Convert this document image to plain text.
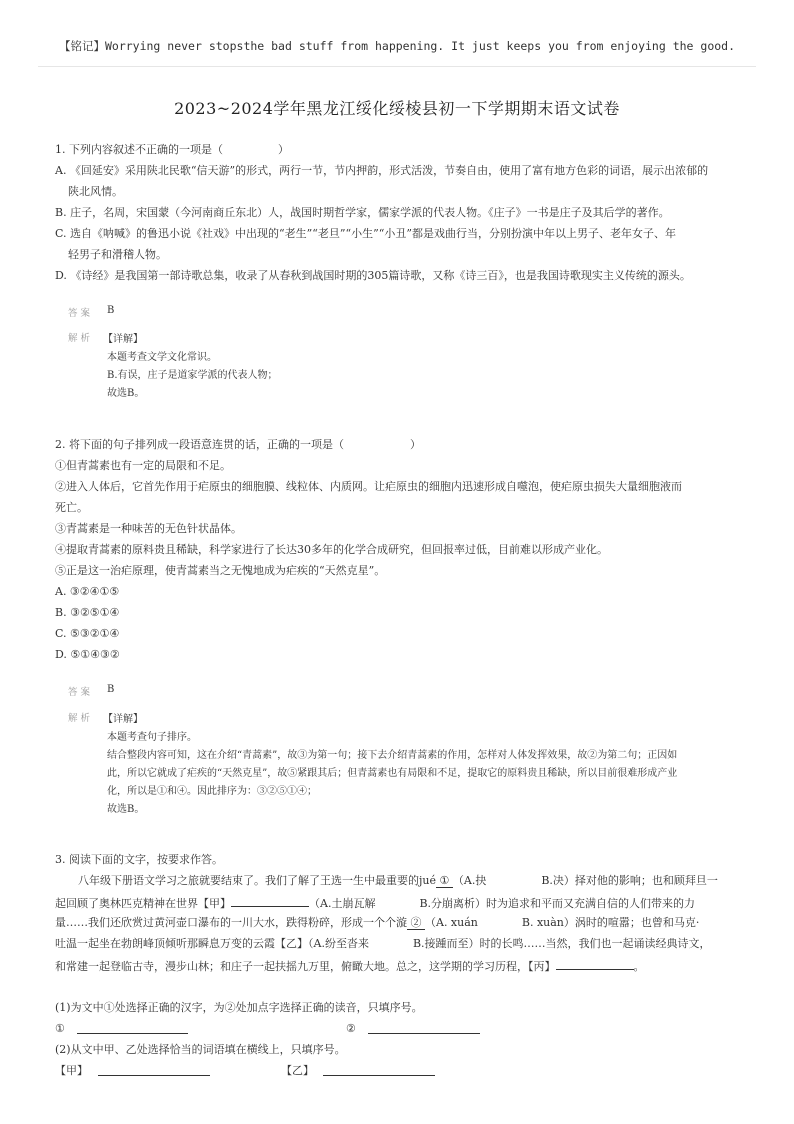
【铭记】Worrying never stopsthe bad stuff from happening. It just keeps you from enjoying the good.
2023~2024学年黑龙江绥化绥棱县初一下学期期末语文试卷
1. 下列内容叙述不正确的一项是（　　　　　）
A. 《回延安》采用陕北民歌“信天游”的形式，两行一节，节内押韵，形式活泼，节奏自由，使用了富有地方色彩的词语，展示出浓郁的
陕北风情。
B. 庄子，名周，宋国蒙（今河南商丘东北）人，战国时期哲学家，儒家学派的代表人物。《庄子》一书是庄子及其后学的著作。
C. 选自《呐喊》的鲁迅小说《社戏》中出现的“老生”“老旦”“小生”“小丑”都是戏曲行当，分别扮演中年以上男子、老年女子、年
轻男子和滑稽人物。
D. 《诗经》是我国第一部诗歌总集，收录了从春秋到战国时期的305篇诗歌，又称《诗三百》，也是我国诗歌现实主义传统的源头。
答案 B
解析 【详解】
本题考查文学文化常识。
B.有误，庄子是道家学派的代表人物；
故选B。
2. 将下面的句子排列成一段语意连贯的话，正确的一项是（　　　　　　）
①但青蒿素也有一定的局限和不足。
②进入人体后，它首先作用于疟原虫的细胞膜、线粒体、内质网。让疟原虫的细胞内迅速形成自噬泡，使疟原虫损失大量细胞液而
死亡。
③青蒿素是一种味苦的无色针状晶体。
④提取青蒿素的原料贵且稀缺，科学家进行了长达30多年的化学合成研究，但回报率过低，目前难以形成产业化。
⑤正是这一治疟原理，使青蒿素当之无愧地成为疟疾的“天然克星”。
A. ③②④①⑤
B. ③②⑤①④
C. ⑤③②①④
D. ⑤①④③②
答案 B
解析 【详解】
本题考查句子排序。
结合整段内容可知，这在介绍“青蒿素”，故③为第一句；接下去介绍青蒿素的作用，怎样对人体发挥效果，故②为第二句；正因如
此，所以它就成了疟疾的“天然克星”，故⑤紧跟其后；但青蒿素也有局限和不足，提取它的原料贵且稀缺，所以目前很难形成产业
化，所以是①和④。因此排序为：③②⑤①④；
故选B。
3. 阅读下面的文字，按要求作答。
八年级下册语文学习之旅就要结束了。我们了解了王选一生中最重要的jué ① （A.抉　　　　　B.决）择对他的影响；也和顾拜旦一
起回顾了奥林匹克精神在世界【甲】	（A.土崩瓦解　　　　B.分崩离析）时为追求和平而又充满自信的人们带来的力
量……我们还欣赏过黄河壶口瀑布的一川大水，跌得粉碎，形成一个个漩 ② （A. xuán　　　　B. xuàn）涡时的喧嚣；也曾和马克·
吐温一起坐在勃朗峰顶倾听那瞬息万变的云霞【乙】（A.纷至沓来　　　　B.接踵而至）时的长鸣……当然，我们也一起诵读经典诗文，
和常建一起登临古寺，漫步山林；和庄子一起扶摇九万里，俯瞰大地。总之，这学期的学习历程，【丙】	。
(1)为文中①处选择正确的汉字，为②处加点字选择正确的读音，只填序号。
①	②
(2)从文中甲、乙处选择恰当的词语填在横线上，只填序号。
【甲】	【乙】
